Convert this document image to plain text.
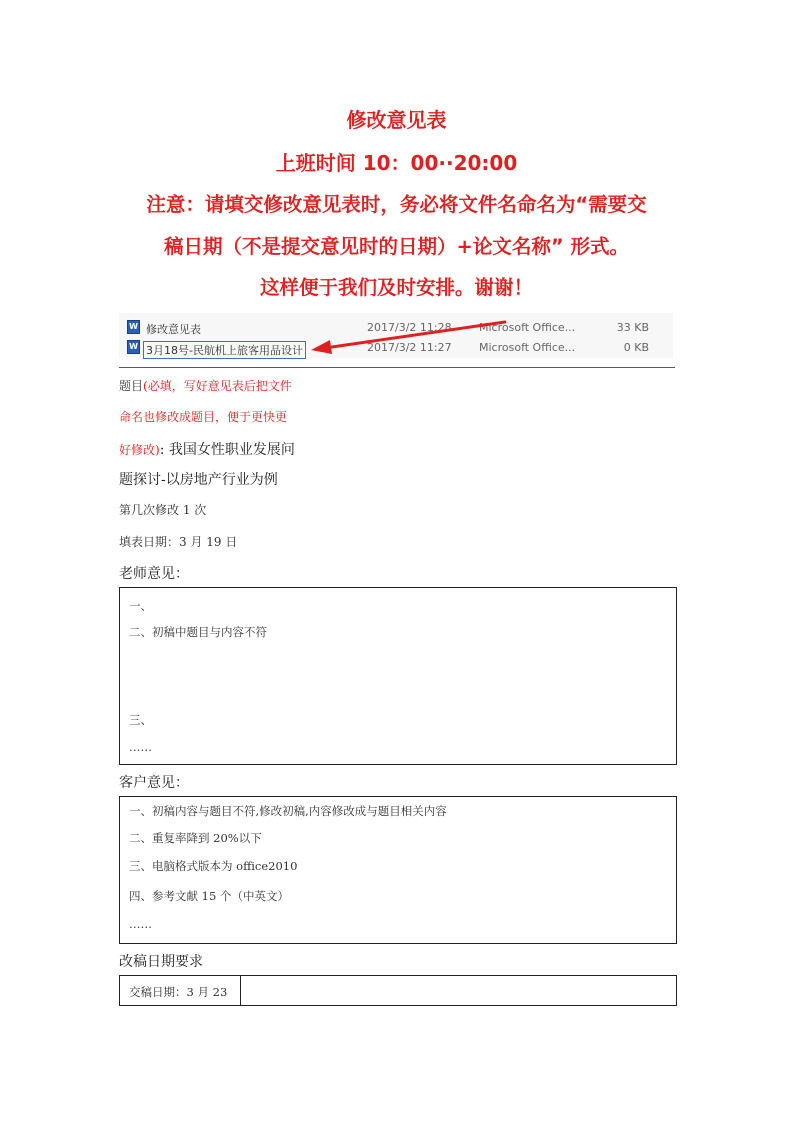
修改意见表
上班时间 10：00··20:00
注意：请填交修改意见表时，务必将文件名命名为“需要交
稿日期（不是提交意见时的日期）+论文名称” 形式。
这样便于我们及时安排。谢谢！
W 修改意见表	2017/3/2 11:28 Microsoft Office...	33 KB
W 3月18号-民航机上旅客用品设计	2017/3/2 11:27 Microsoft Office...	0 KB
题目(必填，写好意见表后把文件
命名也修改成题目，便于更快更
好修改): 我国女性职业发展问
题探讨-以房地产行业为例
第几次修改 1 次
填表日期：3 月 19 日
老师意见：
一、
二、初稿中题目与内容不符
三、
……
客户意见：
一、初稿内容与题目不符,修改初稿,内容修改成与题目相关内容
二、重复率降到 20%以下
三、电脑格式版本为 office2010
四、参考文献 15 个（中英文）
……
改稿日期要求
交稿日期：3 月 23
